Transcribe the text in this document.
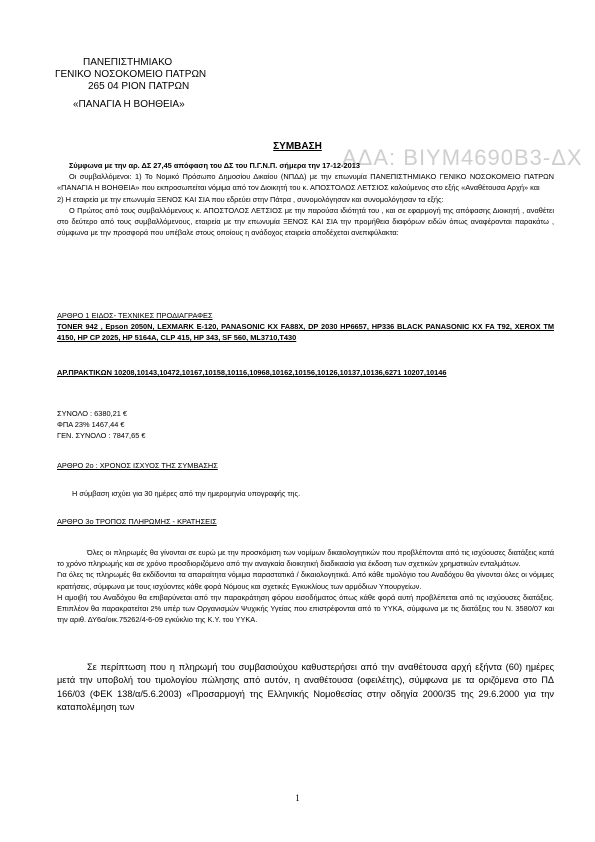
ΠΑΝΕΠΙΣΤΗΜΙΑΚΟ
ΓΕΝΙΚΟ ΝΟΣΟΚΟΜΕΙΟ ΠΑΤΡΩΝ
265 04 ΡΙΟΝ ΠΑΤΡΩΝ
«ΠΑΝΑΓΙΑ Η ΒΟΗΘΕΙΑ»
ΑΔΑ: ΒΙΥΜ4690Β3-ΔΧ
ΣΥΜΒΑΣΗ

Σύμφωνα με την αρ. ΔΣ 27,45 απόφαση του ΔΣ του Π.Γ.Ν.Π. σήμερα την 17-12-2013

Οι συμβαλλόμενοι: 1) Το Νομικό Πρόσωπο Δημοσίου Δικαίου (ΝΠΔΔ) με την επωνυμία ΠΑΝΕΠΙΣΤΗΜΙΑΚΟ ΓΕΝΙΚΟ ΝΟΣΟΚΟΜΕΙΟ ΠΑΤΡΩΝ «ΠΑΝΑΓΙΑ Η ΒΟΗΘΕΙΑ» που εκπροσωπείται νόμιμα από τον Διοικητή του κ. ΑΠΟΣΤΟΛΟΣ ΛΕΤΣΙΟΣ καλούμενος στο εξής «Αναθέτουσα Αρχή» και

2) Η εταιρεία με την επωνυμία ΞΕΝΟΣ ΚΑΙ ΣΙΑ που εδρεύει στην Πάτρα , συνομολόγησαν και συνομολόγησαν τα εξής:

Ο Πρώτος από τους συμβαλλόμενους κ. ΑΠΟΣΤΟΛΟΣ ΛΕΤΣΙΟΣ με την παρούσα ιδιότητά του , και σε εφαρμογή της απόφασης Διοικητή , αναθέτει στο δεύτερο από τους συμβαλλόμενους, εταιρεία με την επωνυμία ΞΕΝΟΣ ΚΑΙ ΣΙΑ την προμήθεια διαφόρων ειδών όπως αναφέρονται παρακάτω , σύμφωνα με την προσφορά που υπέβαλε στους οποίους η ανάδοχος εταιρεία αποδέχεται ανεπιφύλακτα:

ΑΡΘΡΟ 1 ΕΙΔΟΣ- ΤΕΧΝΙΚΕΣ ΠΡΟΔΙΑΓΡΑΦΕΣ

TONER 942 , Epson 2050N, LEXMARK E-120, PANASONIC KX FA88X, DP 2030 HP6657, HP336 BLACK PANASONIC KX FA T92, XEROX TM 4150, HP CP 2025, HP 5164A, CLP 415, HP 343, SF 560, ML3710,T430

ΑΡ.ΠΡΑΚΤΙΚΩΝ 10208,10143,10472,10167,10158,10116,10968,10162,10156,10126,10137,10136,6271 10207,10146

ΣΥΝΟΛΟ : 6380,21 €

ΦΠΑ 23% 1467,44 €

ΓΕΝ. ΣΥΝΟΛΟ : 7847,65 €

ΑΡΘΡΟ 2ο : ΧΡΟΝΟΣ ΙΣΧΥΟΣ ΤΗΣ ΣΥΜΒΑΣΗΣ

Η σύμβαση ισχύει για 30 ημέρες από την ημερομηνία υπογραφής της.

ΑΡΘΡΟ 3ο ΤΡΟΠΟΣ ΠΛΗΡΩΜΗΣ - ΚΡΑΤΗΣΕΙΣ

Όλες οι πληρωμές θα γίνονται σε ευρώ με την προσκόμιση των νομίμων δικαιολογητικών που προβλέπονται από τις ισχύουσες διατάξεις κατά το χρόνο πληρωμής και σε χρόνο προσδιοριζόμενο από την αναγκαία διοικητική διαδικασία για έκδοση των σχετικών χρηματικών ενταλμάτων.

Για όλες τις πληρωμές θα εκδίδονται τα απαραίτητα νόμιμα παραστατικά / δικαιολογητικά. Από κάθε τιμολόγιο του Αναδόχου θα γίνονται όλες οι νόμιμες κρατήσεις, σύμφωνα με τους ισχύοντες κάθε φορά Νόμους και σχετικές Εγκυκλίους των αρμόδιων Υπουργείων.

Η αμοιβή του Αναδόχου θα επιβαρύνεται από την παρακράτηση φόρου εισοδήματος όπως κάθε φορά αυτή προβλέπεται από τις ισχύουσες διατάξεις. Επιπλέον θα παρακρατείται 2% υπέρ των Οργανισμών Ψυχικής Υγείας που επιστρέφονται από το ΥΥΚΑ, σύμφωνα με τις διατάξεις του Ν. 3580/07 και την αριθ. ΔΥ6α/οικ.75262/4-6-09 εγκύκλιο της Κ.Υ. του ΥΥΚΑ.

Σε περίπτωση που η πληρωμή του συμβασιούχου καθυστερήσει από την αναθέτουσα αρχή εξήντα (60) ημέρες μετά την υποβολή του τιμολογίου πώλησης από αυτόν, η αναθέτουσα (οφειλέτης), σύμφωνα με τα οριζόμενα στο ΠΔ 166/03 (ΦΕΚ 138/α/5.6.2003) «Προσαρμογή της Ελληνικής Νομοθεσίας στην οδηγία 2000/35 της 29.6.2000 για την καταπολέμηση των

1
